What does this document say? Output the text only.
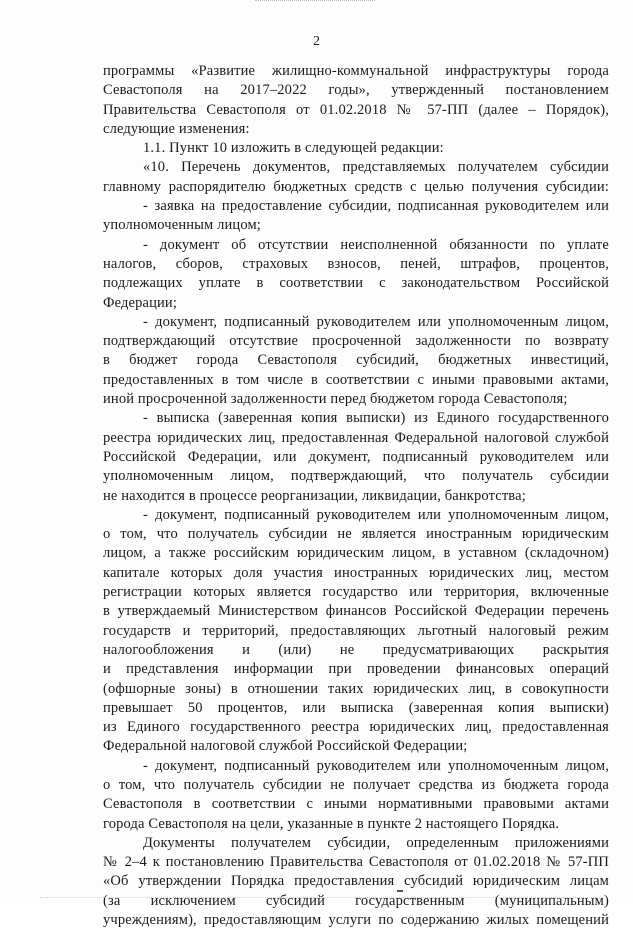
2
программы «Развитие жилищно-коммунальной инфраструктуры города
Севастополя на 2017–2022 годы», утвержденный постановлением
Правительства Севастополя от 01.02.2018 № 57-ПП (далее – Порядок),
следующие изменения:
1.1. Пункт 10 изложить в следующей редакции:
«10. Перечень документов, представляемых получателем субсидии
главному распорядителю бюджетных средств с целью получения субсидии:
- заявка на предоставление субсидии, подписанная руководителем или
уполномоченным лицом;
- документ об отсутствии неисполненной обязанности по уплате
налогов, сборов, страховых взносов, пеней, штрафов, процентов,
подлежащих уплате в соответствии с законодательством Российской
Федерации;
- документ, подписанный руководителем или уполномоченным лицом,
подтверждающий отсутствие просроченной задолженности по возврату
в бюджет города Севастополя субсидий, бюджетных инвестиций,
предоставленных в том числе в соответствии с иными правовыми актами,
иной просроченной задолженности перед бюджетом города Севастополя;
- выписка (заверенная копия выписки) из Единого государственного
реестра юридических лиц, предоставленная Федеральной налоговой службой
Российской Федерации, или документ, подписанный руководителем или
уполномоченным лицом, подтверждающий, что получатель субсидии
не находится в процессе реорганизации, ликвидации, банкротства;
- документ, подписанный руководителем или уполномоченным лицом,
о том, что получатель субсидии не является иностранным юридическим
лицом, а также российским юридическим лицом, в уставном (складочном)
капитале которых доля участия иностранных юридических лиц, местом
регистрации которых является государство или территория, включенные
в утверждаемый Министерством финансов Российской Федерации перечень
государств и территорий, предоставляющих льготный налоговый режим
налогообложения и (или) не предусматривающих раскрытия
и представления информации при проведении финансовых операций
(офшорные зоны) в отношении таких юридических лиц, в совокупности
превышает 50 процентов, или выписка (заверенная копия выписки)
из Единого государственного реестра юридических лиц, предоставленная
Федеральной налоговой службой Российской Федерации;
- документ, подписанный руководителем или уполномоченным лицом,
о том, что получатель субсидии не получает средства из бюджета города
Севастополя в соответствии с иными нормативными правовыми актами
города Севастополя на цели, указанные в пункте 2 настоящего Порядка.
Документы получателем субсидии, определенным приложениями
№ 2–4 к постановлению Правительства Севастополя от 01.02.2018 № 57-ПП
«Об утверждении Порядка предоставления субсидий юридическим лицам
(за исключением субсидий государственным (муниципальным)
учреждениям), предоставляющим услуги по содержанию жилых помещений
